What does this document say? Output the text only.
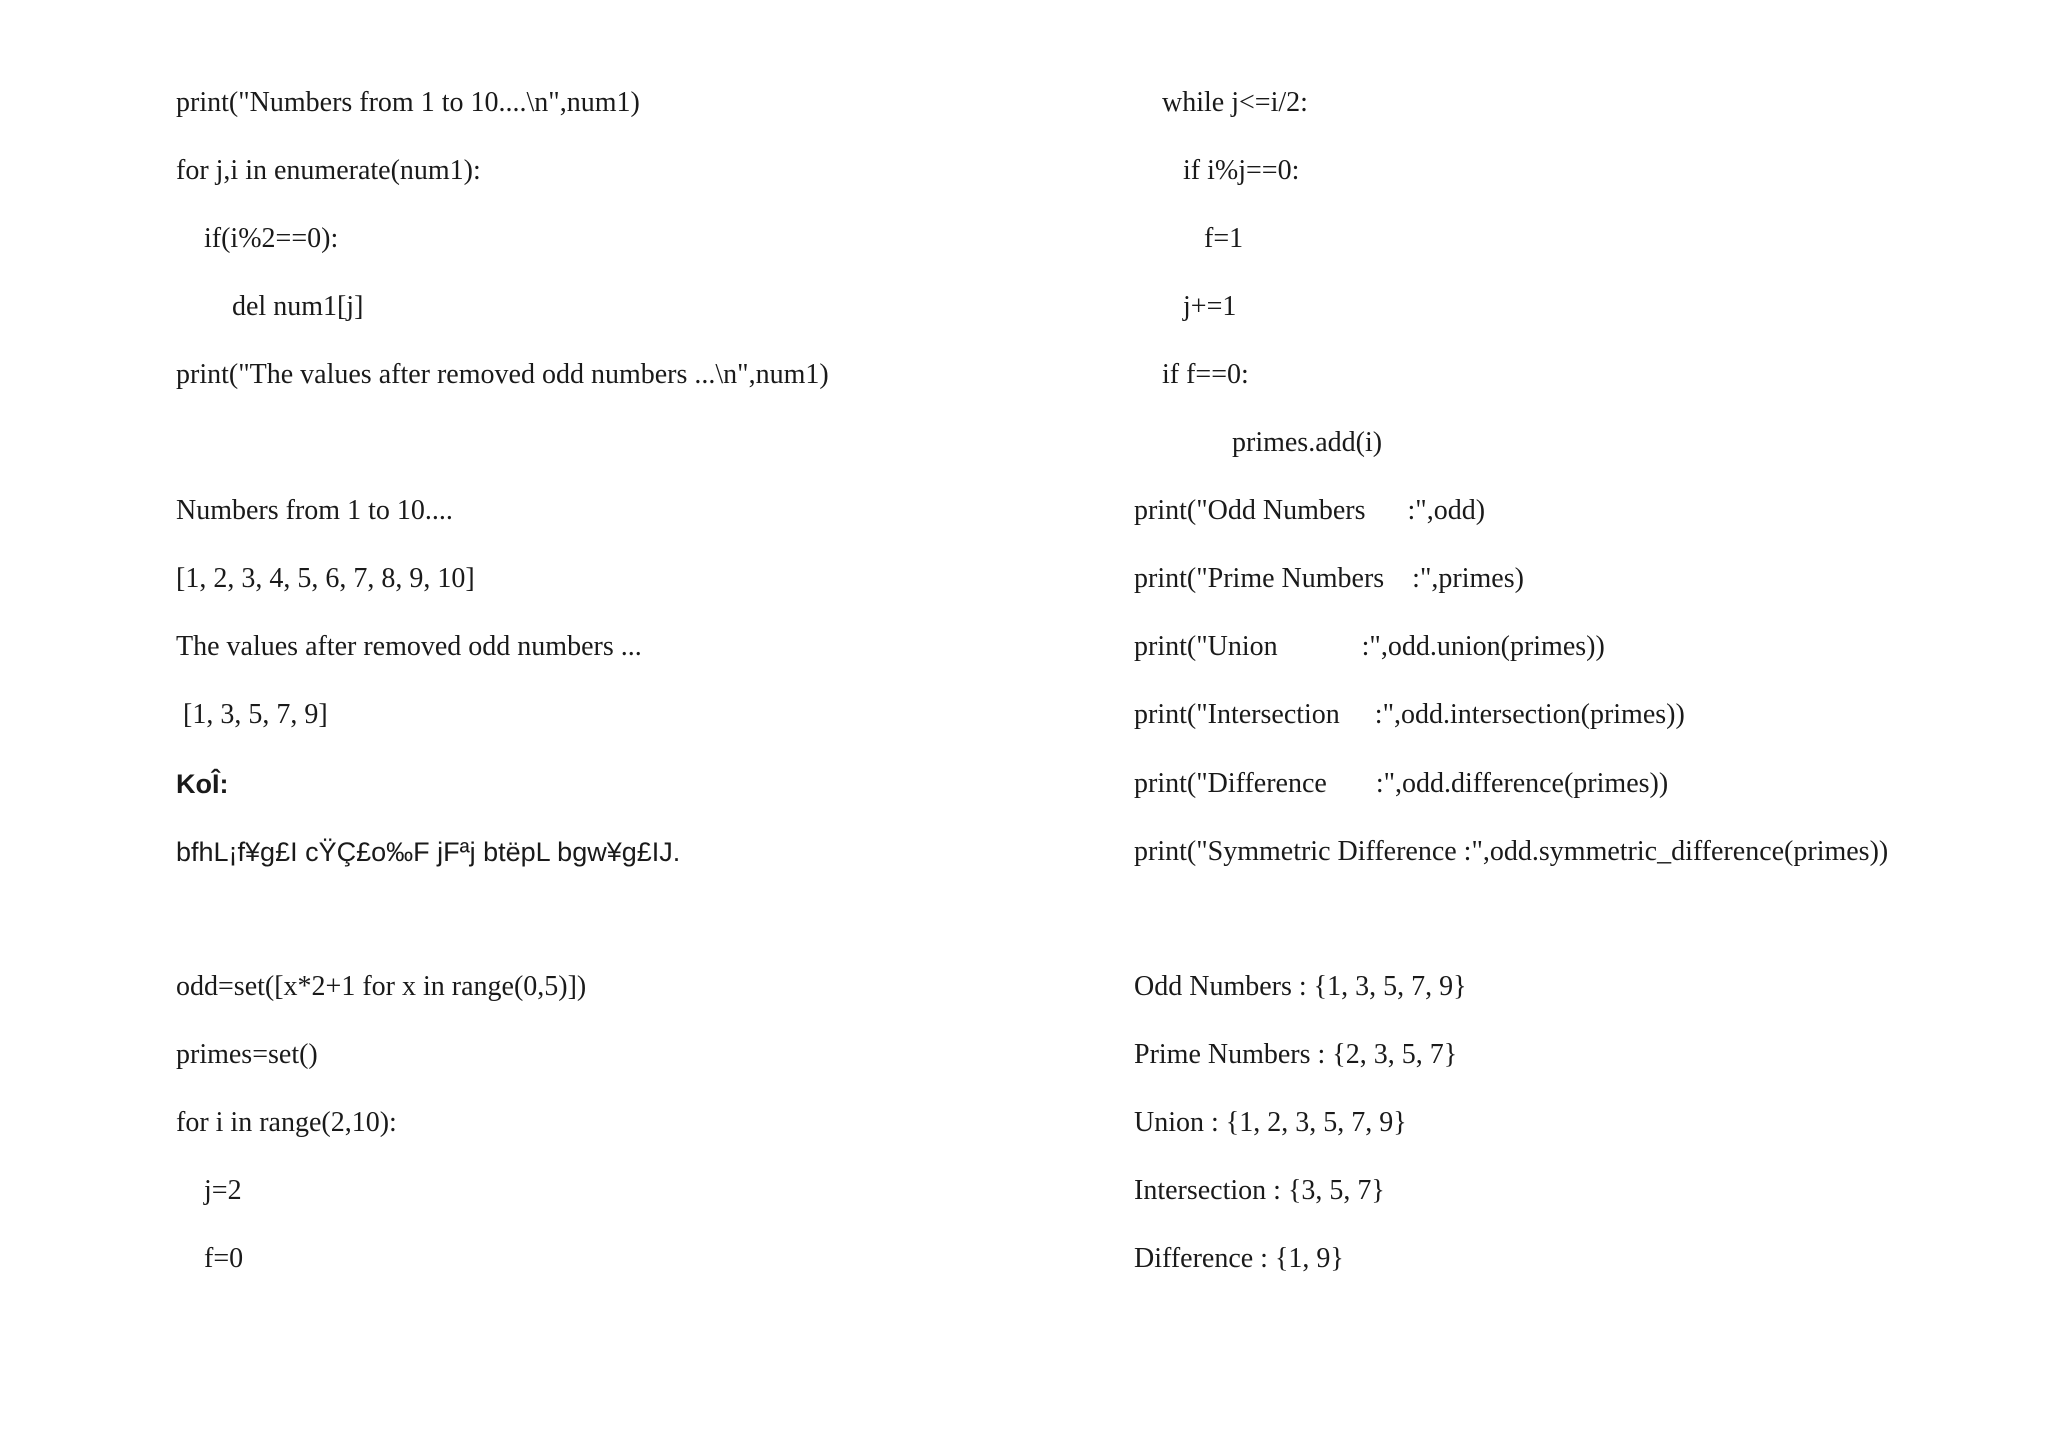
print("Numbers from 1 to 10....\n",num1)
for j,i in enumerate(num1):
if(i%2==0):
del num1[j]
print("The values after removed odd numbers ...\n",num1)
Numbers from 1 to 10....
[1, 2, 3, 4, 5, 6, 7, 8, 9, 10]
The values after removed odd numbers ...
[1, 3, 5, 7, 9]
KoÎ:
bfhL¡f¥g£I cŸÇ£o‰F jFªj btëpL bgw¥g£IJ.
odd=set([x*2+1 for x in range(0,5)])
primes=set()
for i in range(2,10):
j=2
f=0
while j<=i/2:
if i%j==0:
f=1
j+=1
if f==0:
primes.add(i)
print("Odd Numbers      :",odd)
print("Prime Numbers    :",primes)
print("Union            :",odd.union(primes))
print("Intersection     :",odd.intersection(primes))
print("Difference       :",odd.difference(primes))
print("Symmetric Difference :",odd.symmetric_difference(primes))
Odd Numbers : {1, 3, 5, 7, 9}
Prime Numbers : {2, 3, 5, 7}
Union : {1, 2, 3, 5, 7, 9}
Intersection : {3, 5, 7}
Difference : {1, 9}
